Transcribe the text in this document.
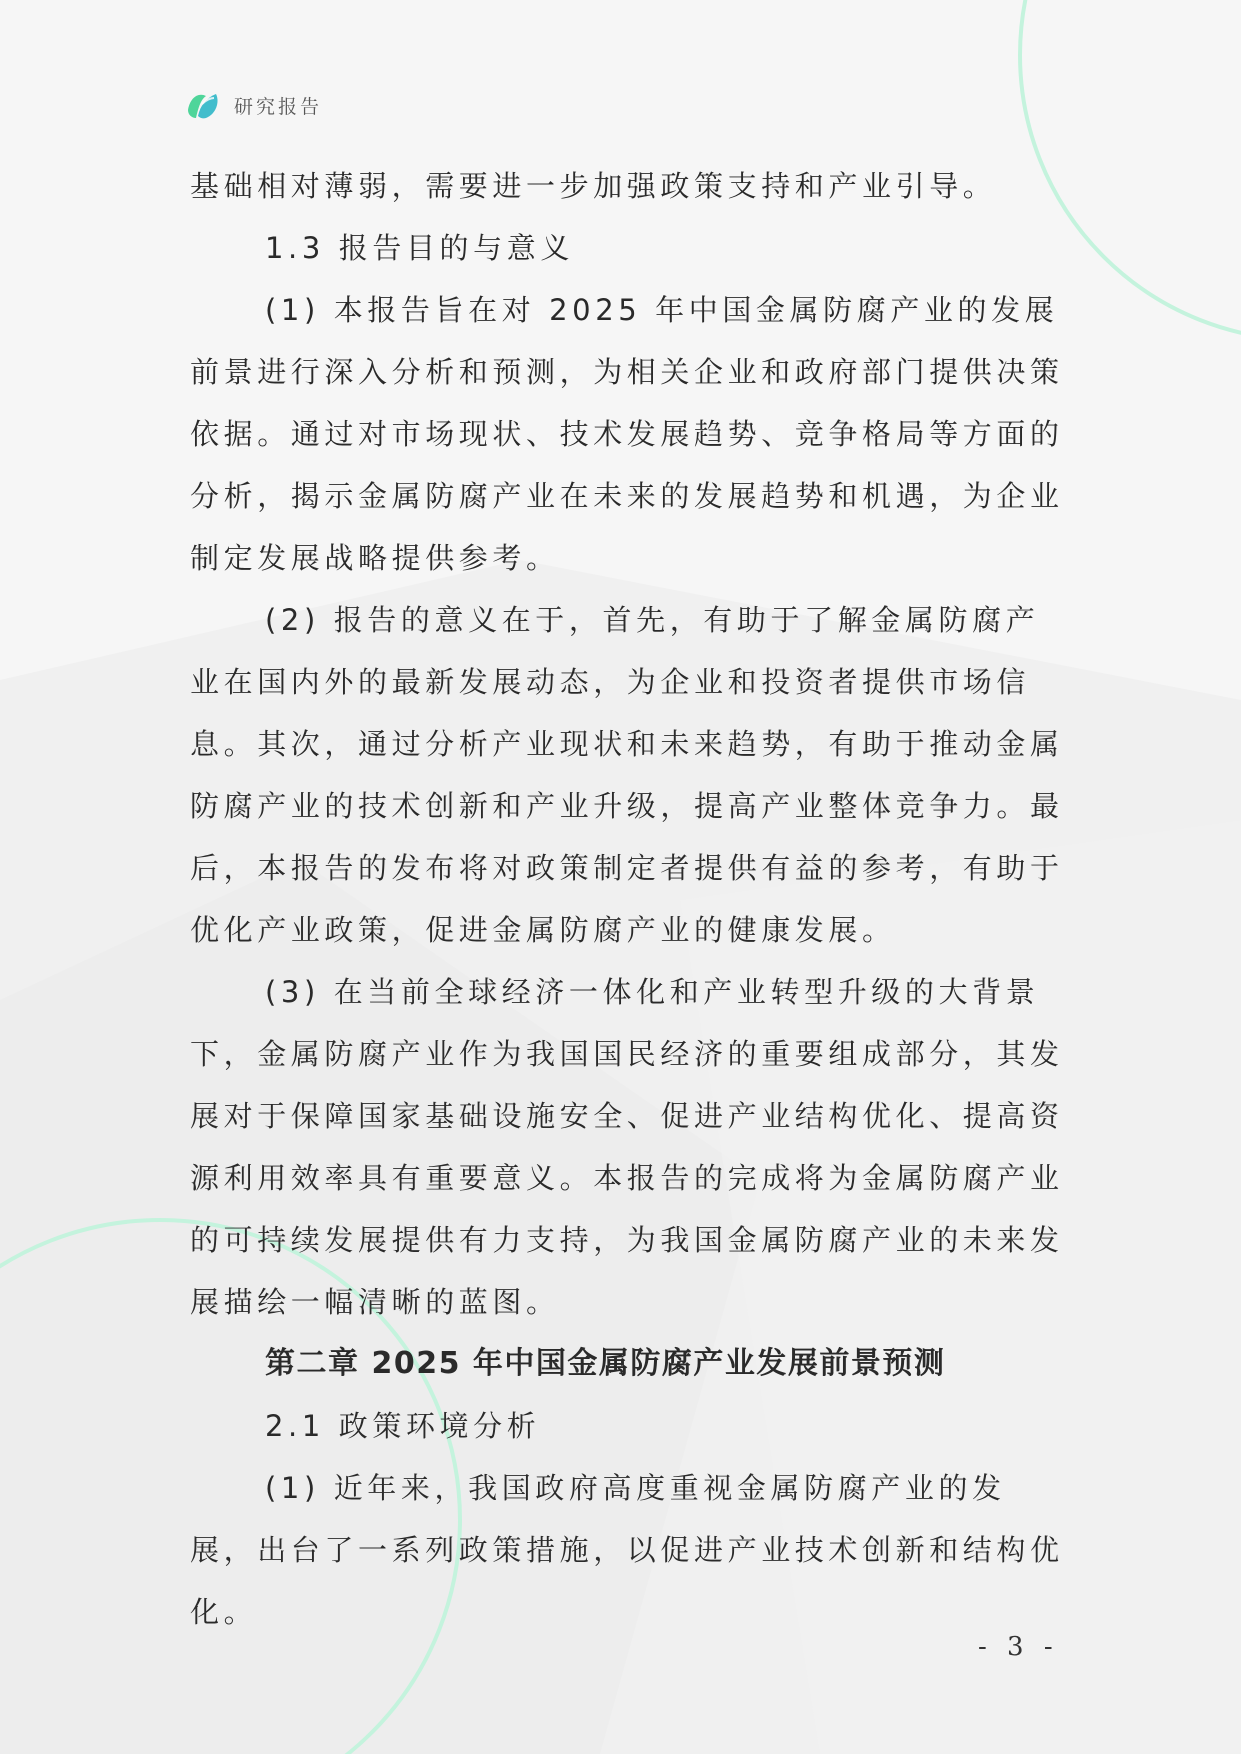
研究报告

基础相对薄弱，需要进一步加强政策支持和产业引导。

1.3 报告目的与意义

(1) 本报告旨在对 2025 年中国金属防腐产业的发展前景进行深入分析和预测，为相关企业和政府部门提供决策依据。通过对市场现状、技术发展趋势、竞争格局等方面的分析，揭示金属防腐产业在未来的发展趋势和机遇，为企业制定发展战略提供参考。

(2) 报告的意义在于，首先，有助于了解金属防腐产业在国内外的最新发展动态，为企业和投资者提供市场信息。其次，通过分析产业现状和未来趋势，有助于推动金属防腐产业的技术创新和产业升级，提高产业整体竞争力。最后，本报告的发布将对政策制定者提供有益的参考，有助于优化产业政策，促进金属防腐产业的健康发展。

(3) 在当前全球经济一体化和产业转型升级的大背景下，金属防腐产业作为我国国民经济的重要组成部分，其发展对于保障国家基础设施安全、促进产业结构优化、提高资源利用效率具有重要意义。本报告的完成将为金属防腐产业的可持续发展提供有力支持，为我国金属防腐产业的未来发展描绘一幅清晰的蓝图。

第二章 2025 年中国金属防腐产业发展前景预测

2.1 政策环境分析

(1) 近年来，我国政府高度重视金属防腐产业的发展，出台了一系列政策措施，以促进产业技术创新和结构优化。

- 3 -
